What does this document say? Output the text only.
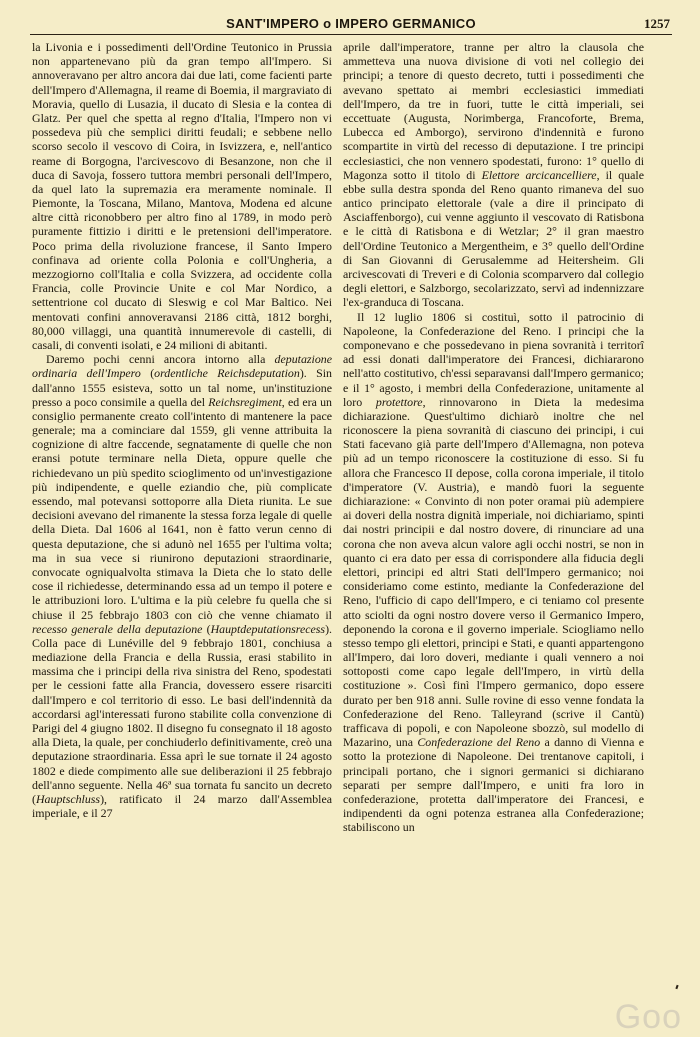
SANT'IMPERO o IMPERO GERMANICO	1257

la Livonia e i possedimenti dell'Ordine Teutonico in Prussia non appartenevano più da gran tempo all'Impero. Si annoveravano per altro ancora dai due lati, come facienti parte dell'Impero d'Allemagna, il reame di Boemia, il margraviato di Moravia, quello di Lusazia, il ducato di Slesia e la contea di Glatz. Per quel che spetta al regno d'Italia, l'Impero non vi possedeva più che semplici diritti feudali; e sebbene nello scorso secolo il vescovo di Coira, in Isvizzera, e, nell'antico reame di Borgogna, l'arcivescovo di Besanzone, non che il duca di Savoja, fossero tuttora membri personali dell'Impero, da quel lato la supremazia era meramente nominale. Il Piemonte, la Toscana, Milano, Mantova, Modena ed alcune altre città riconobbero per altro fino al 1789, in modo però puramente fittizio i diritti e le pretensioni dell'imperatore. Poco prima della rivoluzione francese, il Santo Impero confinava ad oriente colla Polonia e coll'Ungheria, a mezzogiorno coll'Italia e colla Svizzera, ad occidente colla Francia, colle Provincie Unite e col Mar Nordico, a settentrione col ducato di Sleswig e col Mar Baltico. Nei mentovati confini annoveravansi 2186 città, 1812 borghi, 80,000 villaggi, una quantità innumerevole di castelli, di casali, di conventi isolati, e 24 milioni di abitanti.

Daremo pochi cenni ancora intorno alla deputazione ordinaria dell'Impero (ordentliche Reichsdeputation). Sin dall'anno 1555 esisteva, sotto un tal nome, un'instituzione presso a poco consimile a quella del Reichsregiment, ed era un consiglio permanente creato coll'intento di mantenere la pace generale; ma a cominciare dal 1559, gli venne attribuita la cognizione di altre faccende, segnatamente di quelle che non eransi potute terminare nella Dieta, oppure quelle che richiedevano un più spedito scioglimento od un'investigazione più indipendente, e quelle eziandio che, più complicate essendo, mal potevansi sottoporre alla Dieta riunita. Le sue decisioni avevano del rimanente la stessa forza legale di quelle della Dieta. Dal 1606 al 1641, non è fatto verun cenno di questa deputazione, che si adunò nel 1655 per l'ultima volta; ma in sua vece si riunirono deputazioni straordinarie, convocate ogniqualvolta stimava la Dieta che lo stato delle cose il richiedesse, determinando essa ad un tempo il potere e le attribuzioni loro. L'ultima e la più celebre fu quella che si chiuse il 25 febbrajo 1803 con ciò che venne chiamato il recesso generale della deputazione (Hauptdeputationsrecess). Colla pace di Lunéville del 9 febbrajo 1801, conchiusa a mediazione della Francia e della Russia, erasi stabilito in massima che i principi della riva sinistra del Reno, spodestati per le cessioni fatte alla Francia, dovessero essere risarciti dall'Impero e col territorio di esso. Le basi dell'indennità da accordarsi agl'interessati furono stabilite colla convenzione di Parigi del 4 giugno 1802. Il disegno fu consegnato il 18 agosto alla Dieta, la quale, per conchiuderlo definitivamente, creò una deputazione straordinaria. Essa aprì le sue tornate il 24 agosto 1802 e diede compimento alle sue deliberazioni il 25 febbrajo dell'anno seguente. Nella 46ª sua tornata fu sancito un decreto (Hauptschluss), ratificato il 24 marzo dall'Assemblea imperiale, e il 27

aprile dall'imperatore, tranne per altro la clausola che ammetteva una nuova divisione di voti nel collegio dei principi; a tenore di questo decreto, tutti i possedimenti che avevano spettato ai membri ecclesiastici immediati dell'Impero, da tre in fuori, tutte le città imperiali, sei eccettuate (Augusta, Norimberga, Francoforte, Brema, Lubecca ed Amborgo), servirono d'indennità e furono scompartite in virtù del recesso di deputazione. I tre principi ecclesiastici, che non vennero spodestati, furono: 1° quello di Magonza sotto il titolo di Elettore arcicancelliere, il quale ebbe sulla destra sponda del Reno quanto rimaneva del suo antico principato elettorale (vale a dire il principato di Asciaffenborgo), cui venne aggiunto il vescovato di Ratisbona e le città di Ratisbona e di Wetzlar; 2° il gran maestro dell'Ordine Teutonico a Mergentheim, e 3° quello dell'Ordine di San Giovanni di Gerusalemme ad Heitersheim. Gli arcivescovati di Treveri e di Colonia scomparvero dal collegio degli elettori, e Salzborgo, secolarizzato, servì ad indennizzare l'ex-granduca di Toscana.

Il 12 luglio 1806 si costituì, sotto il patrocinio di Napoleone, la Confederazione del Reno. I principi che la componevano e che possedevano in piena sovranità i territorî ad essi donati dall'imperatore dei Francesi, dichiararono nell'atto costitutivo, ch'essi separavansi dall'Impero germanico; e il 1° agosto, i membri della Confederazione, unitamente al loro protettore, rinnovarono in Dieta la medesima dichiarazione. Quest'ultimo dichiarò inoltre che nel riconoscere la piena sovranità di ciascuno dei principi, i cui Stati facevano già parte dell'Impero d'Allemagna, non poteva più ad un tempo riconoscere la costituzione di esso. Si fu allora che Francesco II depose, colla corona imperiale, il titolo d'imperatore (V. Austria), e mandò fuori la seguente dichiarazione: « Convinto di non poter oramai più adempiere ai doveri della nostra dignità imperiale, noi dichiariamo, spinti dai nostri principii e dal nostro dovere, di rinunciare ad una corona che non aveva alcun valore agli occhi nostri, se non in quanto ci era dato per essa di corrispondere alla fiducia degli elettori, principi ed altri Stati dell'Impero germanico; noi consideriamo come estinto, mediante la Confederazione del Reno, l'ufficio di capo dell'Impero, e ci teniamo col presente atto sciolti da ogni nostro dovere verso il Germanico Impero, deponendo la corona e il governo imperiale. Sciogliamo nello stesso tempo gli elettori, principi e Stati, e quanti appartengono all'Impero, dai loro doveri, mediante i quali vennero a noi sottoposti come capo legale dell'Impero, in virtù della costituzione ». Così finì l'Impero germanico, dopo essere durato per ben 918 anni. Sulle rovine di esso venne fondata la Confederazione del Reno. Talleyrand (scrive il Cantù) trafficava di popoli, e con Napoleone sbozzò, sul modello di Mazarino, una Confederazione del Reno a danno di Vienna e sotto la protezione di Napoleone. Dei trentanove capitoli, i principali portano, che i signori germanici si dichiarano separati per sempre dall'Impero, e uniti fra loro in confederazione, protetta dall'imperatore dei Francesi, e indipendenti da ogni potenza estranea alla Confederazione; stabiliscono un

Goo
